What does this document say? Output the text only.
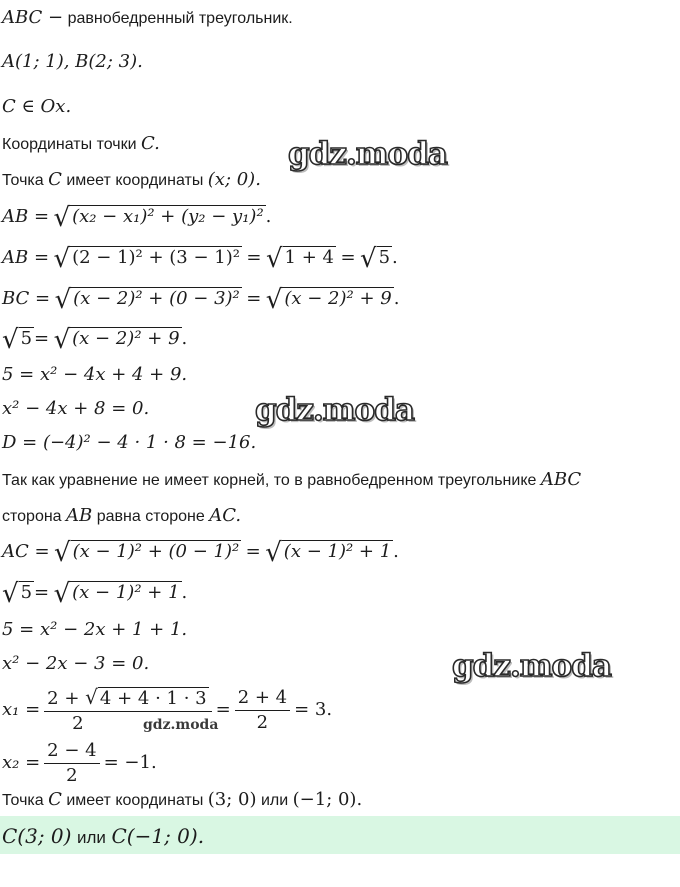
ABC − равнобедренный треугольник.
A(1; 1), B(2; 3).
C ∈ Ox.
Координаты точки C.
Точка C имеет координаты (x; 0).
AB = √ (x₂ − x₁)² + (y₂ − y₁)² .
AB = √ (2 − 1)² + (3 − 1)² = √ 1 + 4 = √ 5 .
BC = √ (x − 2)² + (0 − 3)² = √ (x − 2)² + 9 .
√ 5 = √ (x − 2)² + 9 .
5 = x² − 4x + 4 + 9.
x² − 4x + 8 = 0.
D = (−4)² − 4 · 1 · 8 = −16.
Так как уравнение не имеет корней, то в равнобедренном треугольнике ABC
сторона AB равна стороне AC.
AC = √ (x − 1)² + (0 − 1)² = √ (x − 1)² + 1 .
√ 5 = √ (x − 1)² + 1 .
5 = x² − 2x + 1 + 1.
x² − 2x − 3 = 0.
$x_1 = \frac{2 + √ 4 + 4 \cdot 1 \cdot 3}{2} = \frac{2 + 4}{2} = 3$.
$x_2 = \frac{2 - 4}{2} = -1$.
Точка C имеет координаты (3; 0) или (−1; 0).
C(3; 0) или C(−1; 0).
gdz.moda
gdz.moda
gdz.moda
gdz.moda
